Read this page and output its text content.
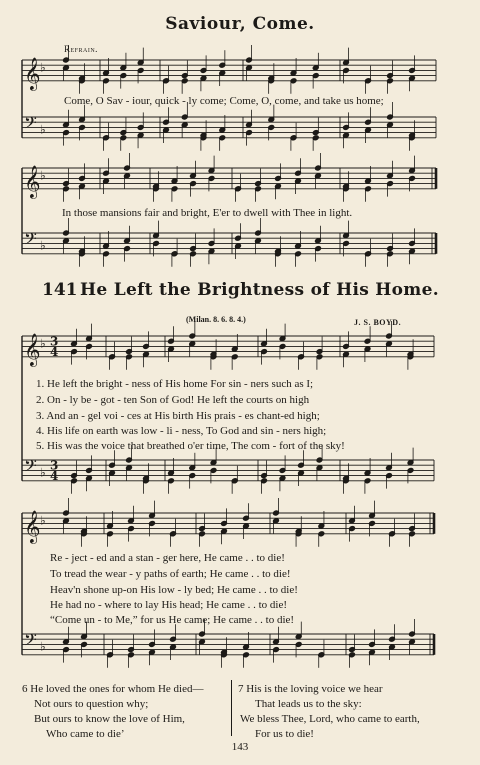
𝄞 ♭
𝄢 ♭
𝄞 ♭
𝄢 ♭
𝄞 ♭ 3
4
𝄢 ♭
3
4
𝄞 ♭
𝄢 ♭
Saviour, Come.
Refrain.
Come, O Sav - iour, quick - ly come; Come, O, come, and take us home;
In those mansions fair and bright, E'er to dwell with Thee in light.
141 He Left the Brightness of His Home.
(Milan. 8. 6. 8. 4.)	J. S. BOYD.
1. He left the bright - ness of His home For sin - ners such as I;
2. On - ly be - got - ten Son of God! He left the courts on high
3. And an - gel voi - ces at His birth His prais - es chant-ed high;
4. His life on earth was low - li - ness, To God and sin - ners high;
5. His was the voice that breathed o'er time, The com - fort of the sky!
Re - ject - ed and a stan - ger here, He came . . to die!
To tread the wear - y paths of earth; He came . . to die!
Heav'n shone up-on His low - ly bed; He came . . to die!
He had no - where to lay His head; He came . . to die!
“Come un - to Me,” for us He came; He came . . to die!
6 He loved the ones for whom He died—
Not ours to question why;
But ours to know the love of Him,
Who came to die’
7 His is the loving voice we hear
That leads us to the sky:
We bless Thee, Lord, who came to earth,
For us to die!
143
